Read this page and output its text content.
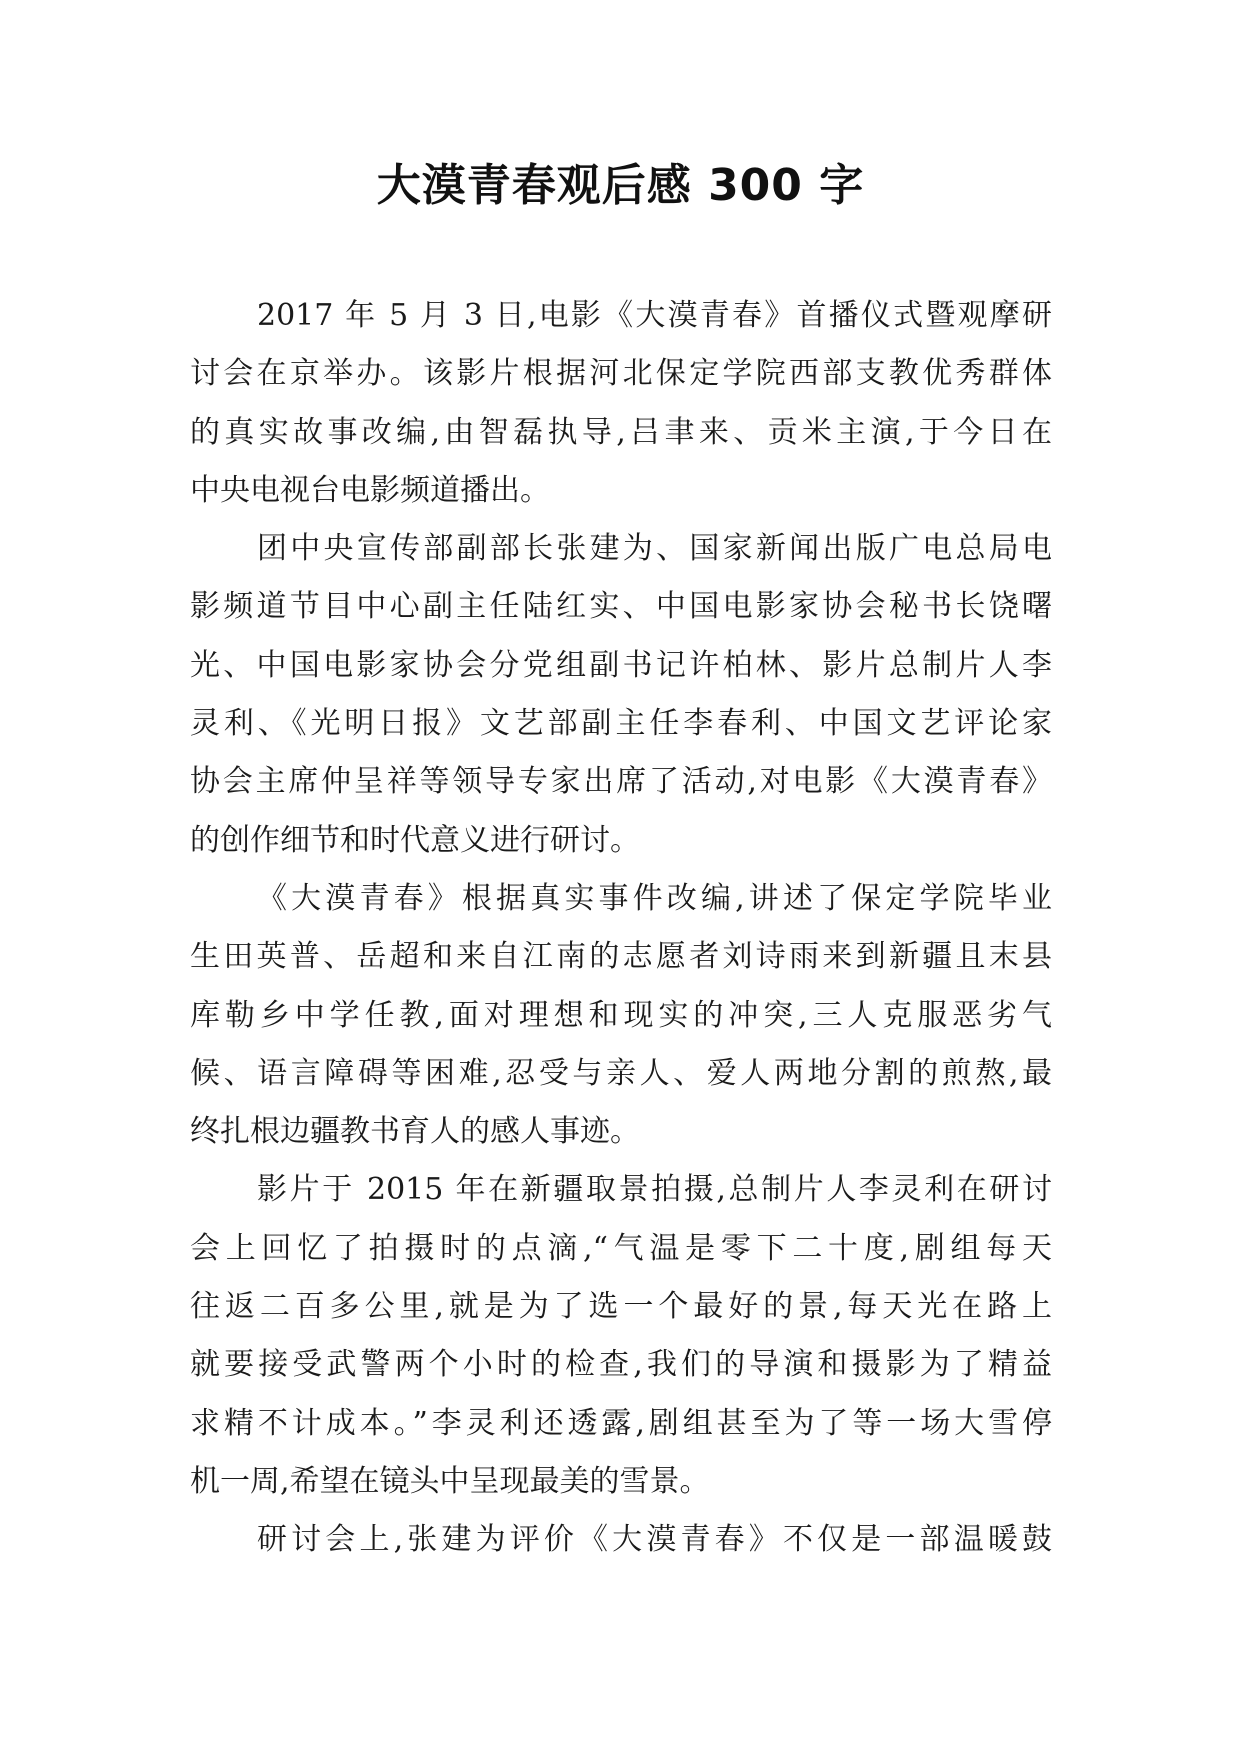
大漠青春观后感 300 字
2017 年 5 月 3 日,电影《大漠青春》首播仪式暨观摩研
讨会在京举办。该影片根据河北保定学院西部支教优秀群体
的真实故事改编,由智磊执导,吕聿来、贡米主演,于今日在
中央电视台电影频道播出。
团中央宣传部副部长张建为、国家新闻出版广电总局电
影频道节目中心副主任陆红实、中国电影家协会秘书长饶曙
光、中国电影家协会分党组副书记许柏林、影片总制片人李
灵利、《光明日报》文艺部副主任李春利、中国文艺评论家
协会主席仲呈祥等领导专家出席了活动,对电影《大漠青春》
的创作细节和时代意义进行研讨。
《大漠青春》根据真实事件改编,讲述了保定学院毕业
生田英普、岳超和来自江南的志愿者刘诗雨来到新疆且末县
库勒乡中学任教,面对理想和现实的冲突,三人克服恶劣气
候、语言障碍等困难,忍受与亲人、爱人两地分割的煎熬,最
终扎根边疆教书育人的感人事迹。
影片于 2015 年在新疆取景拍摄,总制片人李灵利在研讨
会上回忆了拍摄时的点滴,“气温是零下二十度,剧组每天
往返二百多公里,就是为了选一个最好的景,每天光在路上
就要接受武警两个小时的检查,我们的导演和摄影为了精益
求精不计成本。”李灵利还透露,剧组甚至为了等一场大雪停
机一周,希望在镜头中呈现最美的雪景。
研讨会上,张建为评价《大漠青春》不仅是一部温暖鼓
